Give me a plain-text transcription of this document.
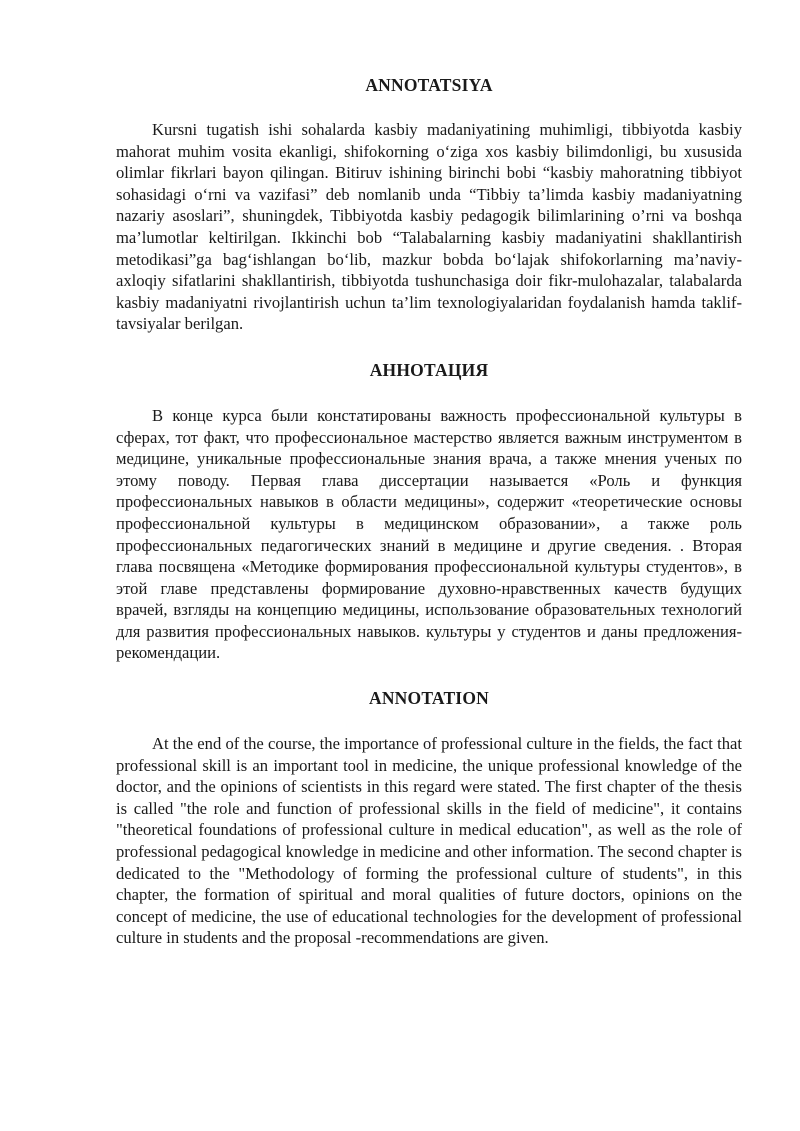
ANNOTATSIYA

Kursni tugatish ishi sohalarda kasbiy madaniyatining muhimligi, tibbiyotda kasbiy mahorat muhim vosita ekanligi, shifokorning oʻziga xos kasbiy bilimdonligi, bu xususida olimlar fikrlari bayon qilingan. Bitiruv ishining birinchi bobi “kasbiy mahoratning tibbiyot sohasidagi oʻrni va vazifasi” deb nomlanib unda “Tibbiy ta’limda kasbiy madaniyatning nazariy asoslari”, shuningdek, Tibbiyotda kasbiy pedagogik bilimlarining o’rni va boshqa ma’lumotlar keltirilgan. Ikkinchi bob “Talabalarning kasbiy madaniyatini shakllantirish metodikasi”ga bagʻishlangan boʻlib, mazkur bobda boʻlajak shifokorlarning ma’naviy-axloqiy sifatlarini shakllantirish, tibbiyotda tushunchasiga doir fikr-mulohazalar, talabalarda kasbiy madaniyatni rivojlantirish uchun ta’lim texnologiyalaridan foydalanish hamda taklif-tavsiyalar berilgan.

АННОТАЦИЯ

В конце курса были констатированы важность профессиональной культуры в сферах, тот факт, что профессиональное мастерство является важным инструментом в медицине, уникальные профессиональные знания врача, а также мнения ученых по этому поводу. Первая глава диссертации называется «Роль и функция профессиональных навыков в области медицины», содержит «теоретические основы профессиональной культуры в медицинском образовании», а также роль профессиональных педагогических знаний в медицине и другие сведения. . Вторая глава посвящена «Методике формирования профессиональной культуры студентов», в этой главе представлены формирование духовно-нравственных качеств будущих врачей, взгляды на концепцию медицины, использование образовательных технологий для развития профессиональных навыков. культуры у студентов и даны предложения-рекомендации.

ANNOTATION

At the end of the course, the importance of professional culture in the fields, the fact that professional skill is an important tool in medicine, the unique professional knowledge of the doctor, and the opinions of scientists in this regard were stated. The first chapter of the thesis is called "the role and function of professional skills in the field of medicine", it contains "theoretical foundations of professional culture in medical education", as well as the role of professional pedagogical knowledge in medicine and other information. The second chapter is dedicated to the "Methodology of forming the professional culture of students", in this chapter, the formation of spiritual and moral qualities of future doctors, opinions on the concept of medicine, the use of educational technologies for the development of professional culture in students and the proposal -recommendations are given.
